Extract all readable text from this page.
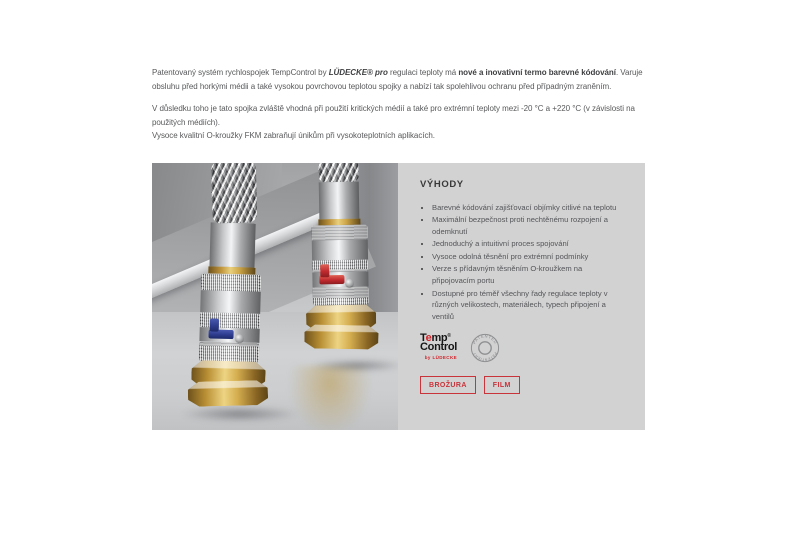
Patentovaný systém rychlospojek TempControl by LÜDECKE® pro regulaci teploty má nové a inovativní termo barevné kódování. Varuje obsluhu před horkými médii a také vysokou povrchovou teplotou spojky a nabízí tak spolehlivou ochranu před případným zraněním.

V důsledku toho je tato spojka zvláště vhodná při použití kritických médií a také pro extrémní teploty mezi -20 °C a +220 °C (v závislosti na použitých médiích).
Vysoce kvalitní O-kroužky FKM zabraňují únikům při vysokoteplotních aplikacích.

VÝHODY
• Barevné kódování zajišťovací objímky citlivé na teplotu
• Maximální bezpečnost proti nechtěnému rozpojení a odemknutí
• Jednoduchý a intuitivní proces spojování
• Vysoce odolná těsnění pro extrémní podmínky
• Verze s přídavným těsněním O-kroužkem na připojovacím portu
• Dostupné pro téměř všechny řady regulace teploty v různých velikostech, materiálech, typech připojení a ventilů
Temp®
Control
by LÜDECKE
PATENTED
PATENTIERT
BROŽURA	FILM
